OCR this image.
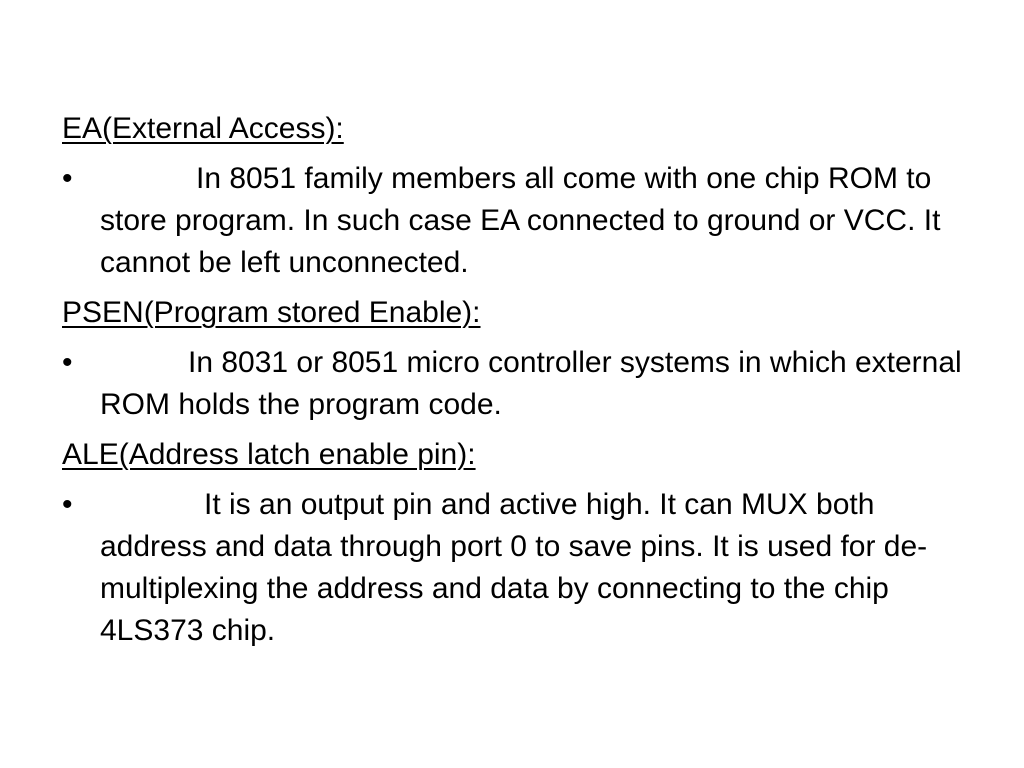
EA(External Access):
•	In 8051 family members all come with one chip ROM to store program. In such case EA connected to ground or VCC. It cannot be left unconnected.
PSEN(Program stored Enable):
•	In 8031 or 8051 micro controller systems in which external ROM holds the program code.
ALE(Address latch enable pin):
•	It is an output pin and active high. It can MUX both address and data through port 0 to save pins. It is used for de-multiplexing the address and data by connecting to the chip 4LS373 chip.
